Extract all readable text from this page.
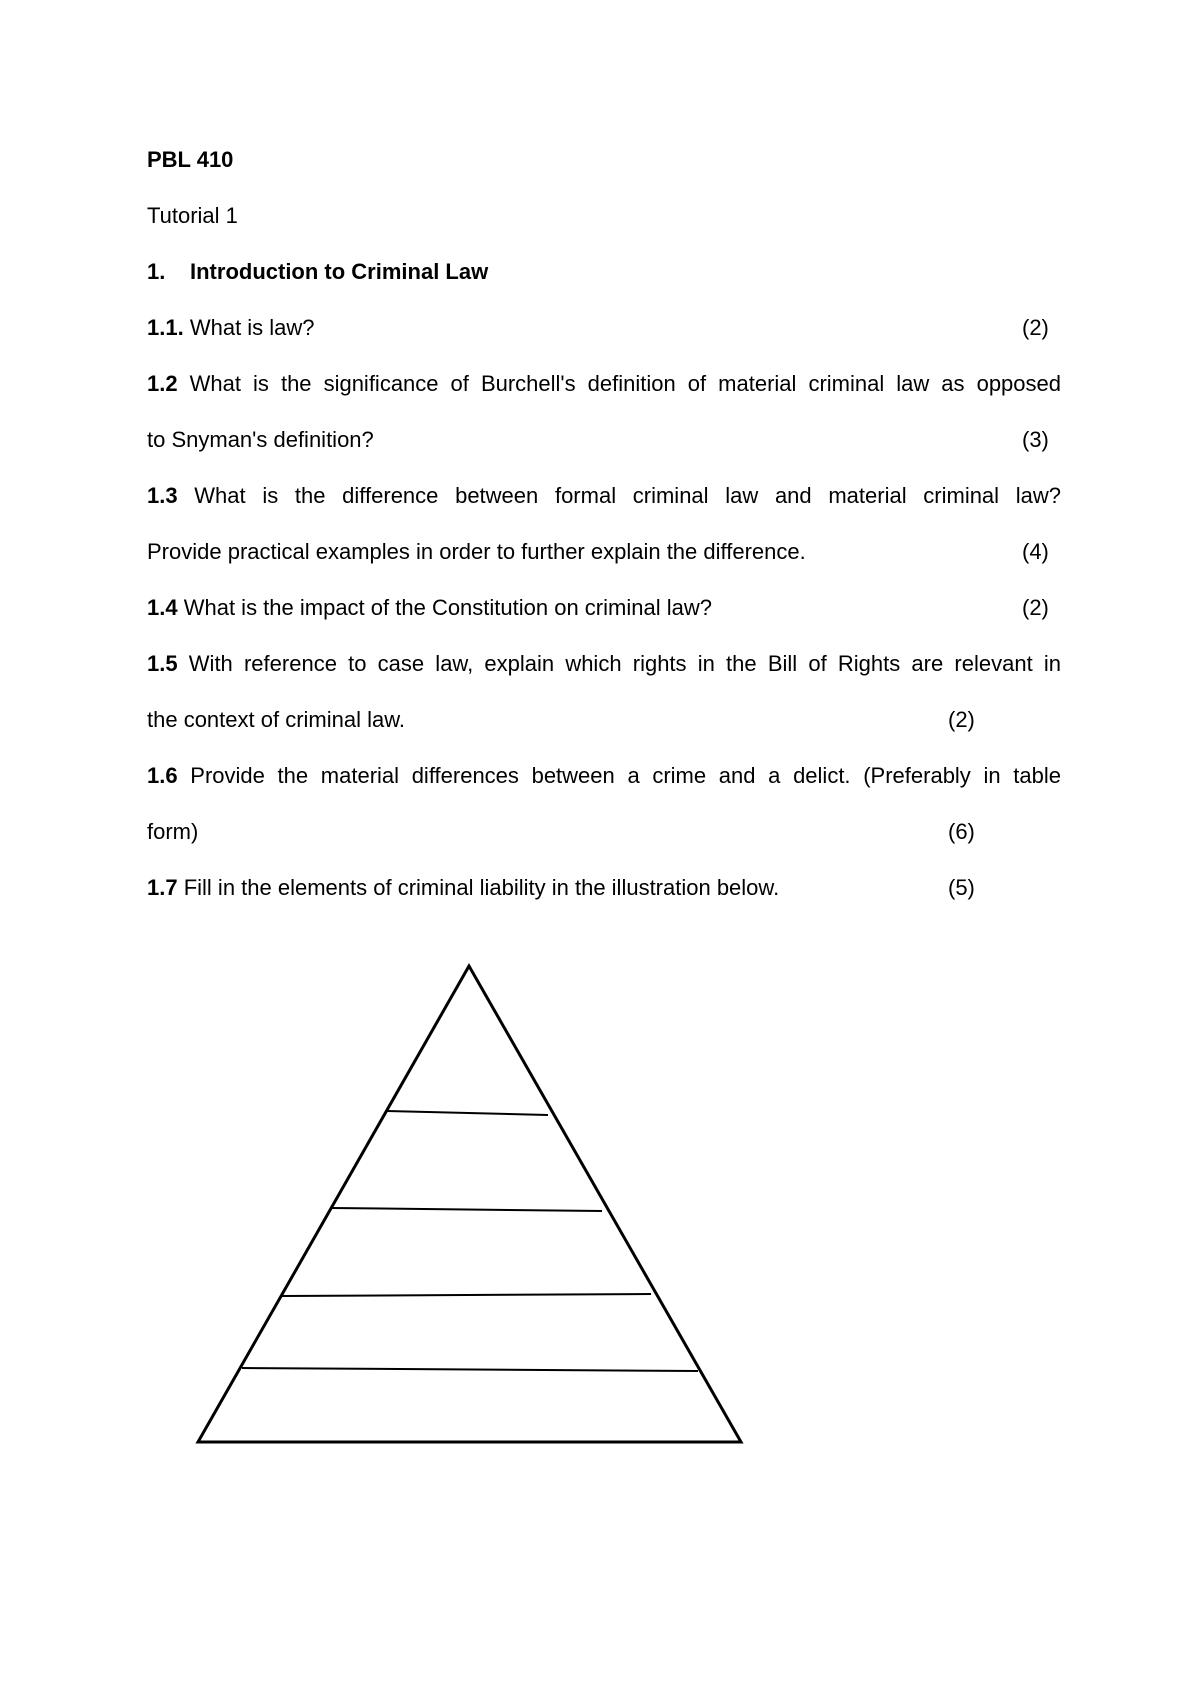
PBL 410
Tutorial 1
1. Introduction to Criminal Law
1.1. What is law?	(2)
1.2 What is the significance of Burchell's definition of material criminal law as opposed
to Snyman's definition?	(3)
1.3 What is the difference between formal criminal law and material criminal law?
Provide practical examples in order to further explain the difference.	(4)
1.4 What is the impact of the Constitution on criminal law?	(2)
1.5 With reference to case law, explain which rights in the Bill of Rights are relevant in
the context of criminal law.	(2)
1.6 Provide the material differences between a crime and a delict. (Preferably in table
form)	(6)
1.7 Fill in the elements of criminal liability in the illustration below.	(5)
